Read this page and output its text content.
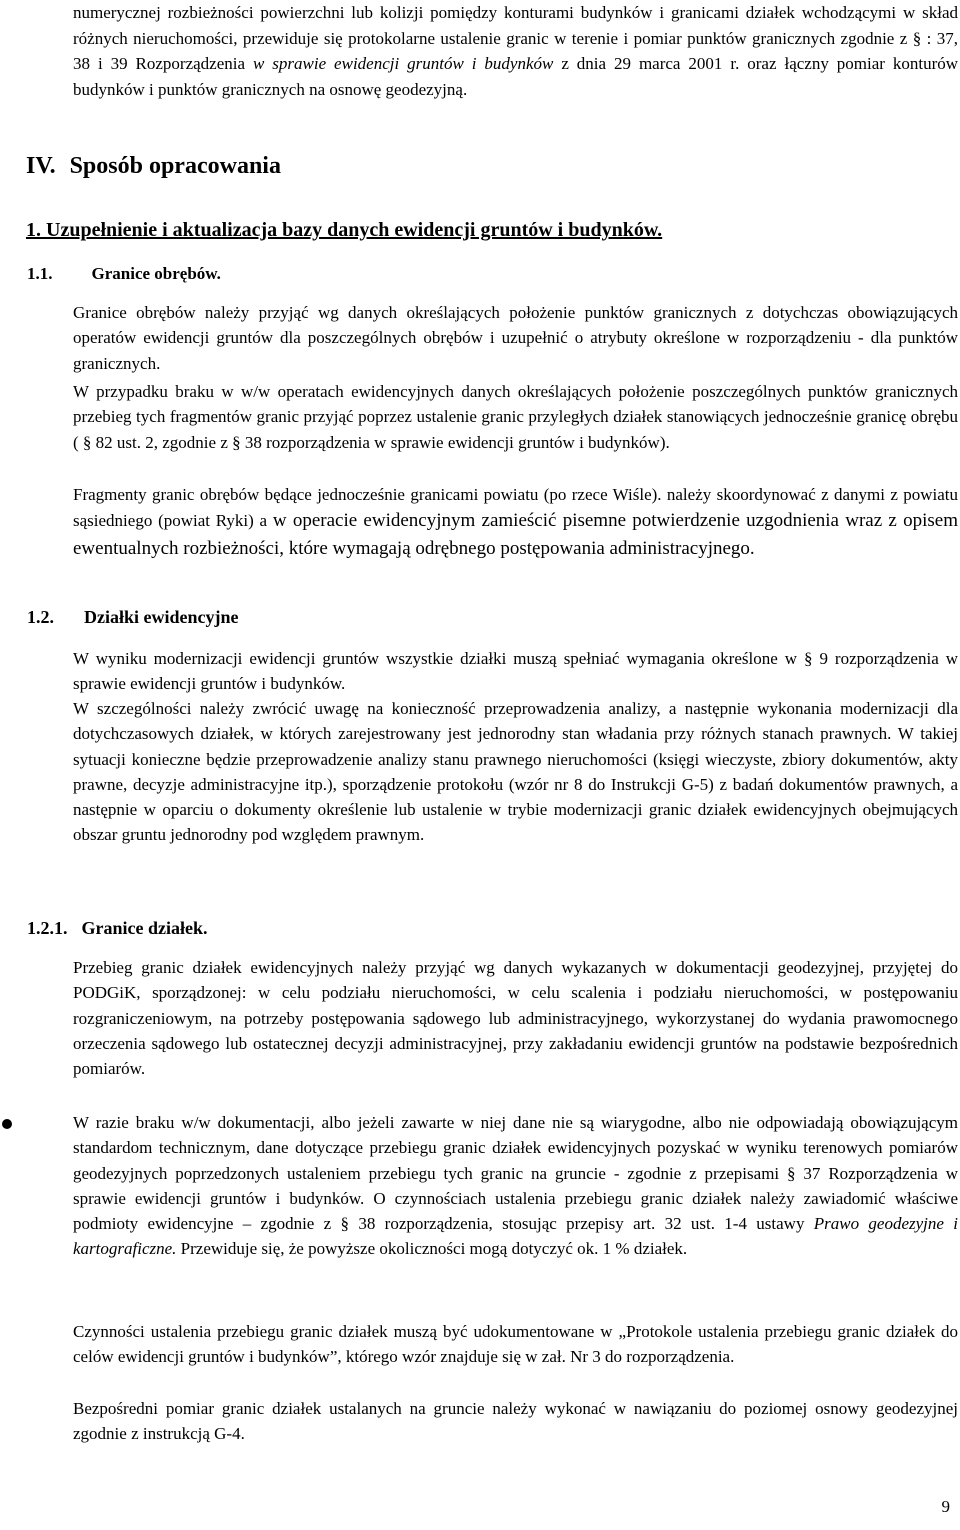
numerycznej rozbieżności powierzchni lub kolizji pomiędzy konturami budynków i granicami działek wchodzącymi w skład różnych nieruchomości, przewiduje się protokolarne ustalenie granic w terenie i pomiar punktów granicznych zgodnie z § : 37, 38 i 39 Rozporządzenia w sprawie ewidencji gruntów i budynków z dnia 29 marca 2001 r. oraz łączny pomiar konturów budynków i punktów granicznych na osnowę geodezyjną.

IV. Sposób opracowania

1. Uzupełnienie i aktualizacja bazy danych ewidencji gruntów i budynków.

1.1. Granice obrębów.

Granice obrębów należy przyjąć wg danych określających położenie punktów granicznych z dotychczas obowiązujących operatów ewidencji gruntów dla poszczególnych obrębów i uzupełnić o atrybuty określone w rozporządzeniu - dla punktów granicznych.

W przypadku braku w w/w operatach ewidencyjnych danych określających położenie poszczególnych punktów granicznych przebieg tych fragmentów granic przyjąć poprzez ustalenie granic przyległych działek stanowiących jednocześnie granicę obrębu ( § 82 ust. 2, zgodnie z § 38 rozporządzenia w sprawie ewidencji gruntów i budynków).

Fragmenty granic obrębów będące jednocześnie granicami powiatu (po rzece Wiśle). należy skoordynować z danymi z powiatu sąsiedniego (powiat Ryki) a w operacie ewidencyjnym zamieścić pisemne potwierdzenie uzgodnienia wraz z opisem ewentualnych rozbieżności, które wymagają odrębnego postępowania administracyjnego.

1.2. Działki ewidencyjne

W wyniku modernizacji ewidencji gruntów wszystkie działki muszą spełniać wymagania określone w § 9 rozporządzenia w sprawie ewidencji gruntów i budynków.

W szczególności należy zwrócić uwagę na konieczność przeprowadzenia analizy, a następnie wykonania modernizacji dla dotychczasowych działek, w których zarejestrowany jest jednorodny stan władania przy różnych stanach prawnych. W takiej sytuacji konieczne będzie przeprowadzenie analizy stanu prawnego nieruchomości (księgi wieczyste, zbiory dokumentów, akty prawne, decyzje administracyjne itp.), sporządzenie protokołu (wzór nr 8 do Instrukcji G-5) z badań dokumentów prawnych, a następnie w oparciu o dokumenty określenie lub ustalenie w trybie modernizacji granic działek ewidencyjnych obejmujących obszar gruntu jednorodny pod względem prawnym.

1.2.1. Granice działek.

Przebieg granic działek ewidencyjnych należy przyjąć wg danych wykazanych w dokumentacji geodezyjnej, przyjętej do PODGiK, sporządzonej: w celu podziału nieruchomości, w celu scalenia i podziału nieruchomości, w postępowaniu rozgraniczeniowym, na potrzeby postępowania sądowego lub administracyjnego, wykorzystanej do wydania prawomocnego orzeczenia sądowego lub ostatecznej decyzji administracyjnej, przy zakładaniu ewidencji gruntów na podstawie bezpośrednich pomiarów.

W razie braku w/w dokumentacji, albo jeżeli zawarte w niej dane nie są wiarygodne, albo nie odpowiadają obowiązującym standardom technicznym, dane dotyczące przebiegu granic działek ewidencyjnych pozyskać w wyniku terenowych pomiarów geodezyjnych poprzedzonych ustaleniem przebiegu tych granic na gruncie - zgodnie z przepisami § 37 Rozporządzenia w sprawie ewidencji gruntów i budynków. O czynnościach ustalenia przebiegu granic działek należy zawiadomić właściwe podmioty ewidencyjne – zgodnie z § 38 rozporządzenia, stosując przepisy art. 32 ust. 1-4 ustawy Prawo geodezyjne i kartograficzne. Przewiduje się, że powyższe okoliczności mogą dotyczyć ok. 1 % działek.

Czynności ustalenia przebiegu granic działek muszą być udokumentowane w „Protokole ustalenia przebiegu granic działek do celów ewidencji gruntów i budynków”, którego wzór znajduje się w zał. Nr 3 do rozporządzenia.

Bezpośredni pomiar granic działek ustalanych na gruncie należy wykonać w nawiązaniu do poziomej osnowy geodezyjnej zgodnie z instrukcją G-4.

9
